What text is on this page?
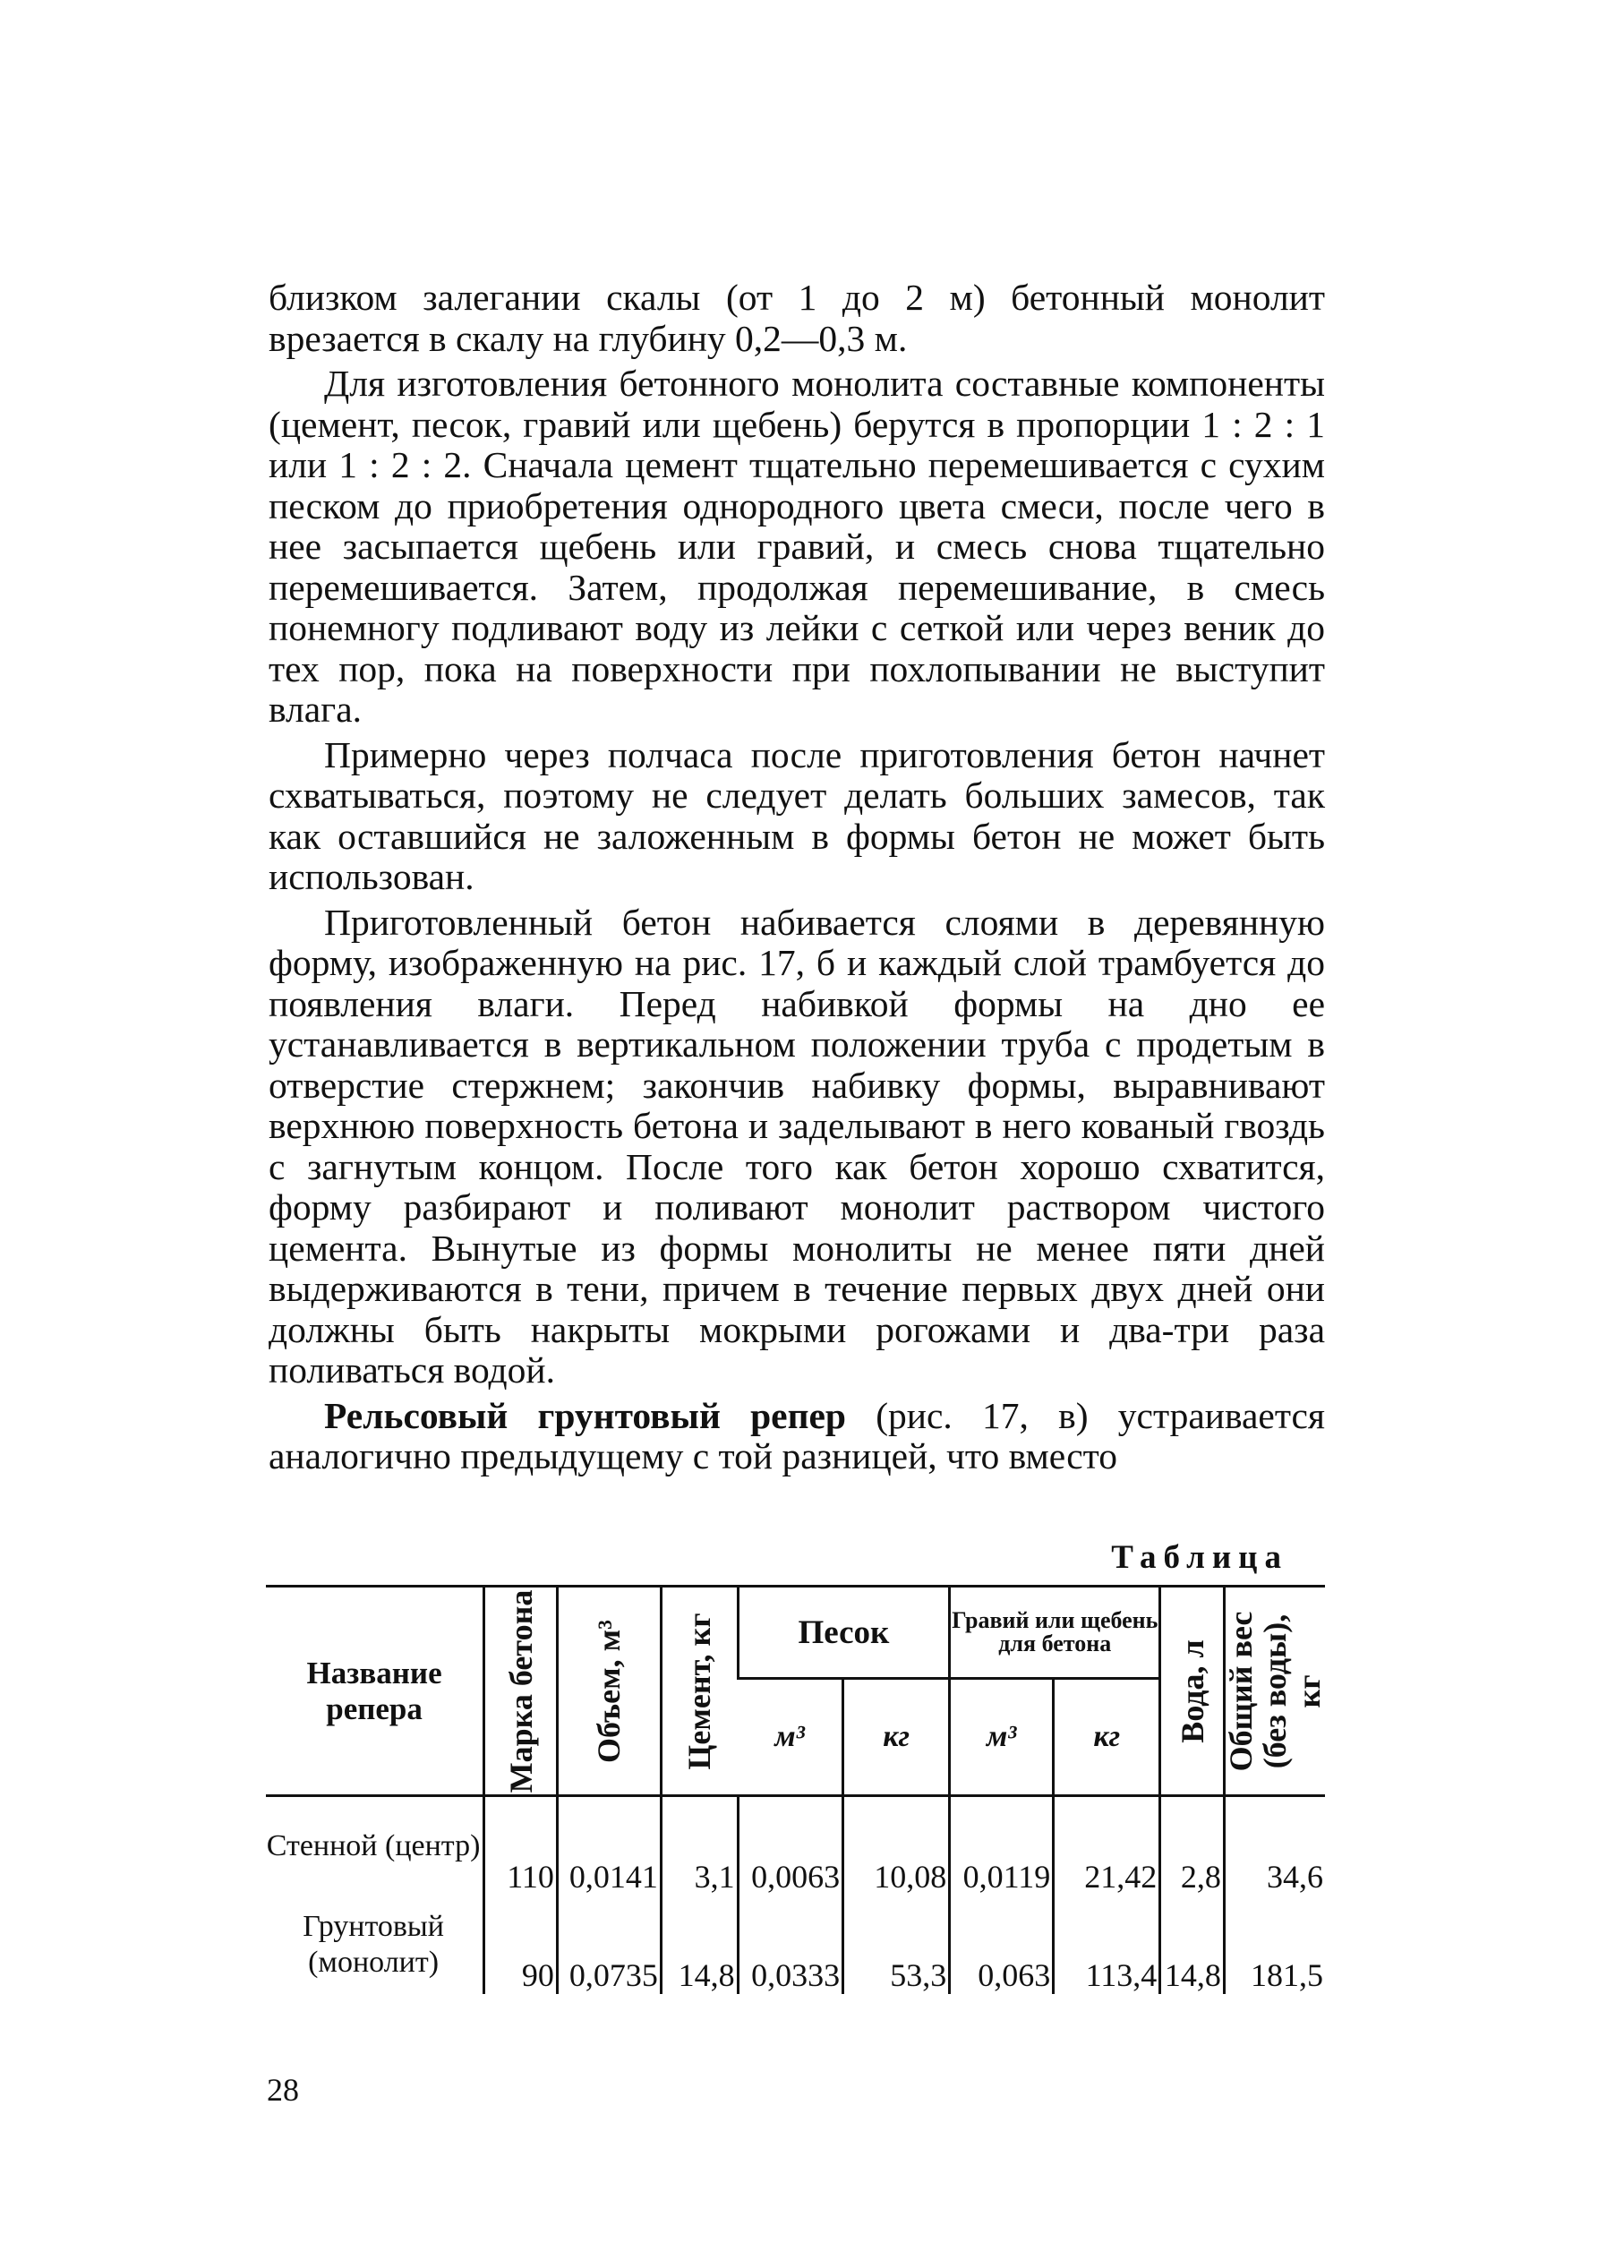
близком залегании скалы (от 1 до 2 м) бетонный монолит врезается в скалу на глубину 0,2—0,3 м.

Для изготовления бетонного монолита составные компоненты (цемент, песок, гравий или щебень) берутся в пропорции 1 : 2 : 1 или 1 : 2 : 2. Сначала цемент тщательно перемешивается с сухим песком до приобретения однородного цвета смеси, после чего в нее засыпается щебень или гравий, и смесь снова тщательно перемешивается. Затем, продолжая перемешивание, в смесь понемногу подливают воду из лейки с сеткой или через веник до тех пор, пока на поверхности при похлопывании не выступит влага.

Примерно через полчаса после приготовления бетон начнет схватываться, поэтому не следует делать больших замесов, так как оставшийся не заложенным в формы бетон не может быть использован.

Приготовленный бетон набивается слоями в деревянную форму, изображенную на рис. 17, б и каждый слой трамбуется до появления влаги. Перед набивкой формы на дно ее устанавливается в вертикальном положении труба с продетым в отверстие стержнем; закончив набивку формы, выравнивают верхнюю поверхность бетона и заделывают в него кованый гвоздь с загнутым концом. После того как бетон хорошо схватится, форму разбирают и поливают монолит раствором чистого цемента. Вынутые из формы монолиты не менее пяти дней выдерживаются в тени, причем в течение первых двух дней они должны быть накрыты мокрыми рогожами и два-три раза поливаться водой.

Рельсовый грунтовый репер (рис. 17, в) устраивается аналогично предыдущему с той разницей, что вместо

Таблица
Название репера	Марка бетона	Объем, м³	Цемент, кг	Песок		Гравий или щебень для бетона		Вода, л	Общий вес (без воды), кг

				м³	кг	м³	кг		
Стенной (центр)	110	0,0141	3,1	0,0063	10,08	0,0119	21,42	2,8	34,6
Грунтовый (монолит)	90	0,0735	14,8	0,0333	53,3	0,063	113,4	14,8	181,5
28
